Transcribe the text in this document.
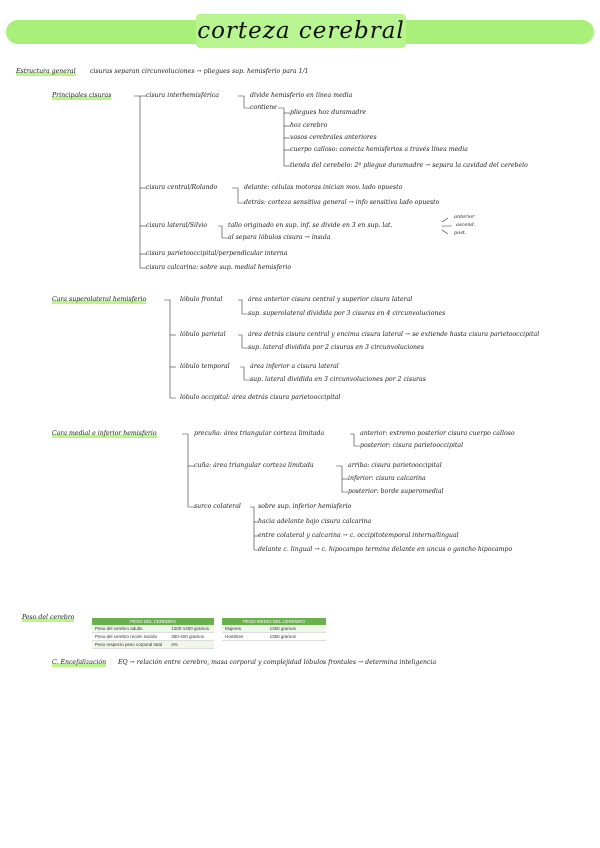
corteza cerebral
Estructura general cisuras separan circunvoluciones → pliegues sup. hemisferio para 1/1
Principales cisuras	cisura interhemisférica	divide hemisferio en línea media
contiene
pliegues hoz duramadre
hoz cerebro
vasos cerebrales anteriores
cuerpo calloso: conecta hemisferios a través línea media
tienda del cerebelo: 2º pliegue duramadre → separa la cavidad del cerebelo
cisura central/Rolando	delante: células motoras inician mov. lado opuesto
detrás: corteza sensitiva general → info sensitiva lado opuesto
cisura lateral/Silvio	tallo originado en sup. inf. se divide en 3 en sup. lat.
al separa lóbulos cisura → ínsula
anterior
ascend.
post.
cisura parietooccipital/perpendicular interna
cisura calcarina: sobre sup. medial hemisferio
Cara superolateral hemisferio	lóbulo frontal	área anterior cisura central y superior cisura lateral
sup. superolateral dividida por 3 cisuras en 4 circunvoluciones
lóbulo parietal	área detrás cisura central y encima cisura lateral → se extiende hasta cisura parietooccipital
sup. lateral dividida por 2 cisuras en 3 circunvoluciones
lóbulo temporal	área inferior a cisura lateral
sup. lateral dividida en 3 circunvoluciones por 2 cisuras
lóbulo occipital: área detrás cisura parietooccipital
Cara medial e inferior hemisferio	precuña: área triangular corteza limitada	anterior: extremo posterior cisura cuerpo calloso
posterior: cisura parietooccipital
cuña: área triangular corteza limitada	arriba: cisura parietooccipital
inferior: cisura calcarina
posterior: borde superomedial
surco colateral	sobre sup. inferior hemisferio
hacia adelante bajo cisura calcarina
entre colateral y calcarina → c. occipitotemporal interna/lingual
delante c. lingual → c. hipocampo termina delante en uncus o gancho hipocampo
Peso del cerebro
PESO DEL CEREBRO	
Peso del cerebro adulto	1200-1400 gramos
Peso del cerebro recién nacido	350-400 gramos
Peso respecto peso corporal total	2%
PESO MEDIO DEL CEREBRO	
Mujeres	1260 gramos
Hombres	1350 gramos
C. Encefalización EQ → relación entre cerebro, masa corporal y complejidad lóbulos frontales → determina inteligencia
